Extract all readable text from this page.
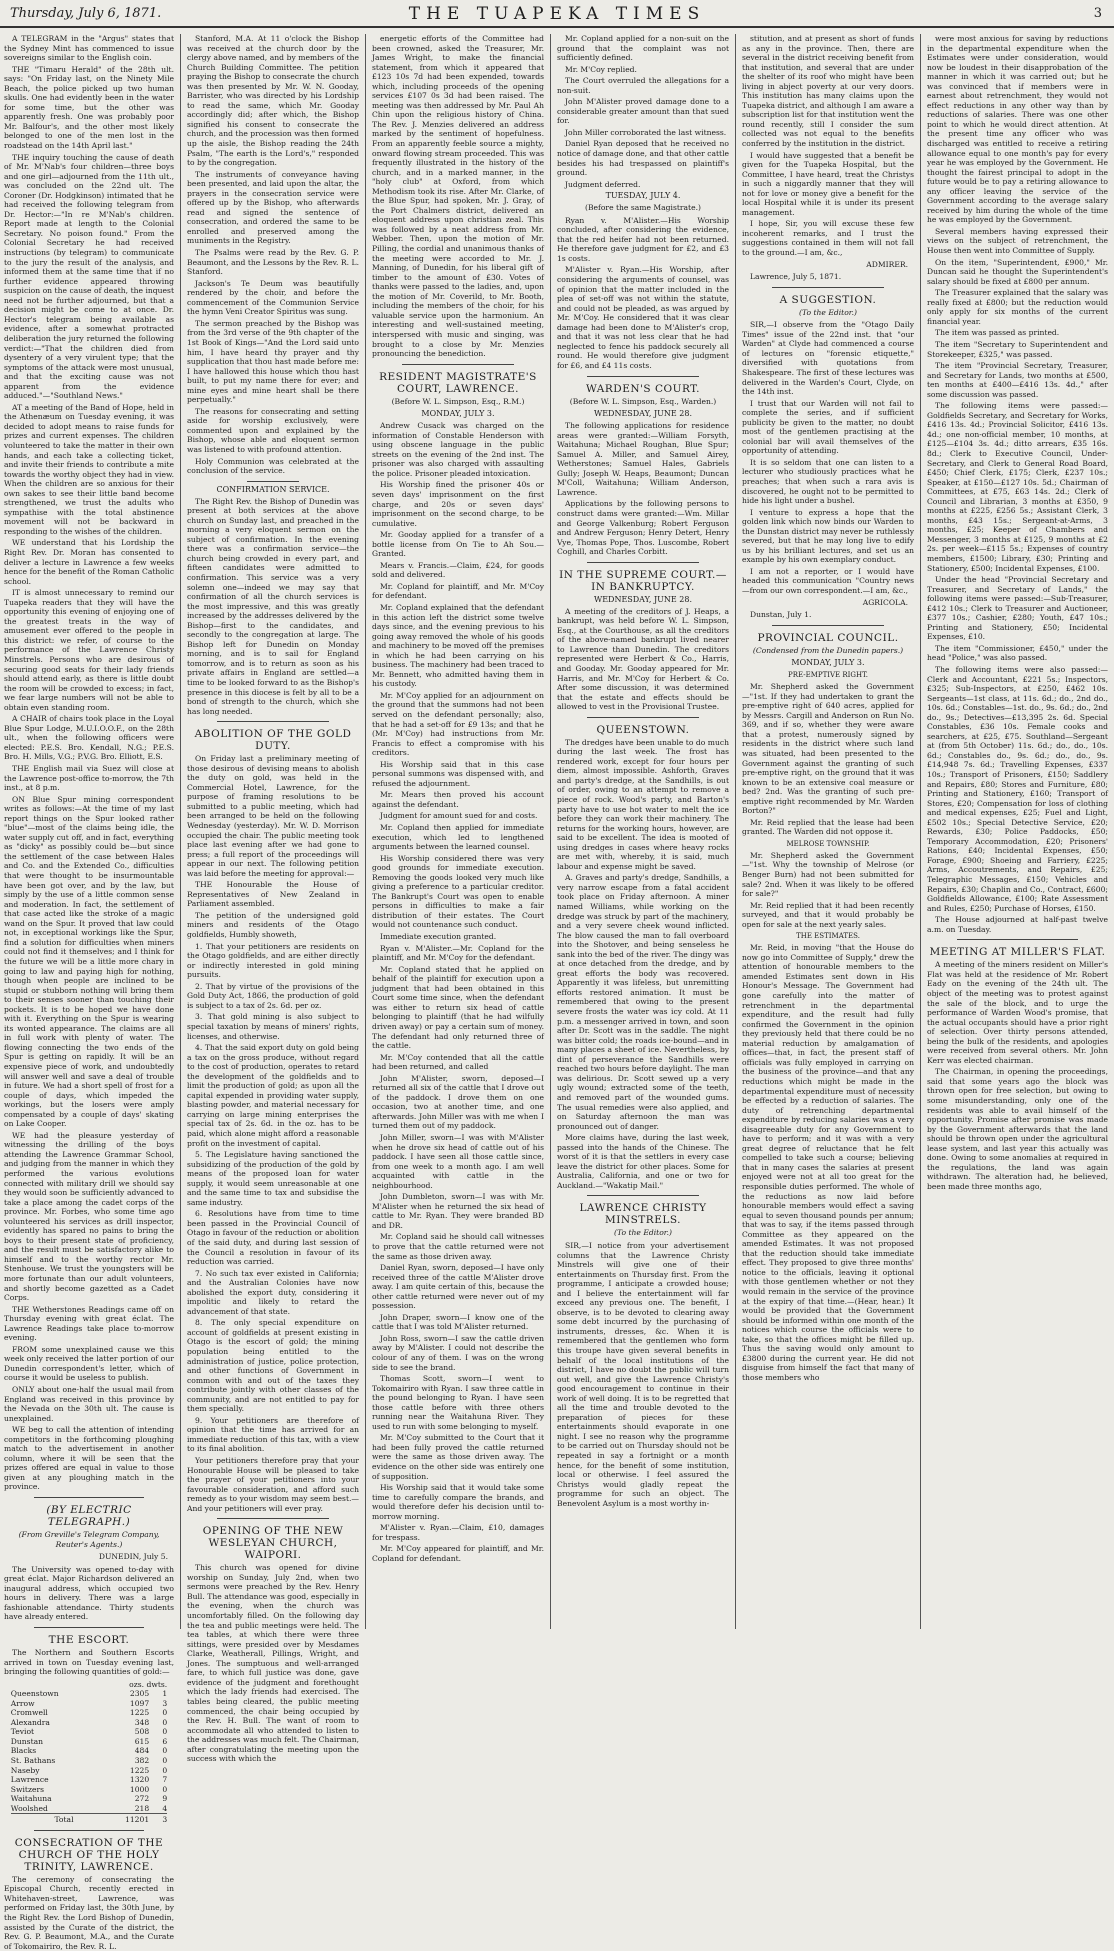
Thursday, July 6, 1871.	THE TUAPEKA TIMES	3

A TELEGRAM in the "Argus" states that the Sydney Mint has commenced to issue sovereigns similar to the English coin.

THE "Timaru Herald" of the 28th ult. says: "On Friday last, on the Ninety Mile Beach, the police picked up two human skulls. One had evidently been in the water for some time, but the other was apparently fresh. One was probably poor Mr. Balfour's, and the other most likely belonged to one of the men lost in the roadstead on the 14th April last."

THE inquiry touching the cause of death of Mr. M'Nab's four children—three boys and one girl—adjourned from the 11th ult., was concluded on the 22nd ult. The Coroner (Dr. Hodgkinson) intimated that he had received the following telegram from Dr. Hector:—"In re M'Nab's children. Report made at length to the Colonial Secretary. No poison found." From the Colonial Secretary he had received instructions (by telegram) to communicate to the jury the result of the analysis, and informed them at the same time that if no further evidence appeared throwing suspicion on the cause of death, the inquest need not be further adjourned, but that a decision might be come to at once. Dr. Hector's telegram being available as evidence, after a somewhat protracted deliberation the jury returned the following verdict:—"That the children died from dysentery of a very virulent type; that the symptoms of the attack were most unusual, and that the exciting cause was not apparent from the evidence adduced."—"Southland News."

AT a meeting of the Band of Hope, held in the Athenæum on Tuesday evening, it was decided to adopt means to raise funds for prizes and current expenses. The children volunteered to take the matter in their own hands, and each take a collecting ticket, and invite their friends to contribute a mite towards the worthy object they had in view. When the children are so anxious for their own sakes to see their little band become strengthened, we trust the adults who sympathise with the total abstinence movement will not be backward in responding to the wishes of the children.

WE understand that his Lordship the Right Rev. Dr. Moran has consented to deliver a lecture in Lawrence a few weeks hence for the benefit of the Roman Catholic school.

IT is almost unnecessary to remind our Tuapeka readers that they will have the opportunity this evening of enjoying one of the greatest treats in the way of amusement ever offered to the people in this district: we refer, of course to the performance of the Lawrence Christy Minstrels. Persons who are desirous of securing good seats for their lady friends should attend early, as there is little doubt the room will be crowded to excess; in fact, we fear large numbers will not be able to obtain even standing room.

A CHAIR of chairs took place in the Loyal Blue Spur Lodge, M.U.I.O.O.F., on the 28th ult., when the following officers were elected: P.E.S. Bro. Kendall, N.G.; P.E.S. Bro. H. Mills, V.G.; P.V.G. Bro. Elliott, E.S.

THE English mail via Suez will close at the Lawrence post-office to-morrow, the 7th inst., at 8 p.m.

ON Blue Spur mining correspondent writes as follows:—At the time of my last report things on the Spur looked rather "blue"—most of the claims being idle, the water supply cut off, and in fact, everything as "dicky" as possibly could be—but since the settlement of the case between Hales and Co. and the Extended Co., difficulties that were thought to be insurmountable have been got over, and by the law, but simply by the use of a little common sense and moderation. In fact, the settlement of that case acted like the stroke of a magic wand on the Spur. It proved that law could not, in exceptional workings like the Spur, find a solution for difficulties when miners could not find it themselves; and I think for the future we will be a little more chary in going to law and paying high for nothing, though when people are inclined to be stupid or stubborn nothing will bring them to their senses sooner than touching their pockets. It is to be hoped we have done with it. Everything on the Spur is wearing its wonted appearance. The claims are all in full work with plenty of water. The flowing connecting the two ends of the Spur is getting on rapidly. It will be an expensive piece of work, and undoubtedly will answer well and save a deal of trouble in future. We had a short spell of frost for a couple of days, which impeded the workings, but the losers were amply compensated by a couple of days' skating on Lake Cooper.

WE had the pleasure yesterday of witnessing the drilling of the boys attending the Lawrence Grammar School, and judging from the manner in which they performed the various evolutions connected with military drill we should say they would soon be sufficiently advanced to take a place among the cadet corps of the province. Mr. Forbes, who some time ago volunteered his services as drill inspector, evidently has spared no pains to bring the boys to their present state of proficiency, and the result must be satisfactory alike to himself and to the worthy rector Mr. Stenhouse. We trust the youngsters will be more fortunate than our adult volunteers, and shortly become gazetted as a Cadet Corps.

THE Wetherstones Readings came off on Thursday evening with great éclat. The Lawrence Readings take place to-morrow evening.

FROM some unexplained cause we this week only received the latter portion of our Dunedin correspondent's letter, which of course it would be useless to publish.

ONLY about one-half the usual mail from England was received in this province by the Nevada on the 30th ult. The cause is unexplained.

WE beg to call the attention of intending competitors in the forthcoming ploughing match to the advertisement in another column, where it will be seen that the prizes offered are equal in value to those given at any ploughing match in the province.

(BY ELECTRIC TELEGRAPH.)
(From Greville's Telegram Company, Reuter's Agents.)
DUNEDIN, July 5.

The University was opened to-day with great éclat. Major Richardson delivered an inaugural address, which occupied two hours in delivery. There was a large fashionable attendance. Thirty students have already entered.

THE ESCORT.

The Northern and Southern Escorts arrived in town on Tuesday evening last, bringing the following quantities of gold:—

	ozs. dwts.	
Queenstown	2305	1
Arrow	1097	3
Cromwell	1225	0
Alexandra	348	0
Teviot	508	0
Dunstan	615	6
Blacks	484	0
St. Bathans	382	0
Naseby	1225	0
Lawrence	1320	7
Switzers	1000	0
Waitahuna	272	9
Woolshed	218	4
Total	11201	3
CONSECRATION OF THE CHURCH OF THE HOLY TRINITY, LAWRENCE.

The ceremony of consecrating the Episcopal Church, recently erected in Whitehaven-street, Lawrence, was performed on Friday last, the 30th June, by the Right Rev. the Lord Bishop of Dunedin, assisted by the Curate of the district, the Rev. G. P. Beaumont, M.A., and the Curate of Tokomairiro, the Rev. R. L.

Stanford, M.A. At 11 o'clock the Bishop was received at the church door by the clergy above named, and by members of the Church Building Committee. The petition praying the Bishop to consecrate the church was then presented by Mr. W. N. Gooday, Barrister, who was directed by his Lordship to read the same, which Mr. Gooday accordingly did; after which, the Bishop signified his consent to consecrate the church, and the procession was then formed up the aisle, the Bishop reading the 24th Psalm, "The earth is the Lord's," responded to by the congregation.

The instruments of conveyance having been presented, and laid upon the altar, the prayers in the consecration service were offered up by the Bishop, who afterwards read and signed the sentence of consecration, and ordered the same to be enrolled and preserved among the muniments in the Registry.

The Psalms were read by the Rev. G. P. Beaumont, and the Lessons by the Rev. R. L. Stanford.

Jackson's Te Deum was beautifully rendered by the choir, and before the commencement of the Communion Service the hymn Veni Creator Spiritus was sung.

The sermon preached by the Bishop was from the 3rd verse of the 9th chapter of the 1st Book of Kings—"And the Lord said unto him, I have heard thy prayer and thy supplication that thou hast made before me: I have hallowed this house which thou hast built, to put my name there for ever; and mine eyes and mine heart shall be there perpetually."

The reasons for consecrating and setting aside for worship exclusively, were commented upon and explained by the Bishop, whose able and eloquent sermon was listened to with profound attention.

Holy Communion was celebrated at the conclusion of the service.

CONFIRMATION SERVICE.

The Right Rev. the Bishop of Dunedin was present at both services at the above church on Sunday last, and preached in the morning a very eloquent sermon on the subject of confirmation. In the evening there was a confirmation service—the church being crowded in every part, and fifteen candidates were admitted to confirmation. This service was a very solemn one—indeed we may say that confirmation of all the church services is the most impressive, and this was greatly increased by the addresses delivered by the Bishop—first to the candidates, and secondly to the congregation at large. The Bishop left for Dunedin on Monday morning, and is to sail for England tomorrow, and is to return as soon as his private affairs in England are settled—a time to be looked forward to as the Bishop's presence in this diocese is felt by all to be a bond of strength to the church, which she has long needed.

ABOLITION OF THE GOLD DUTY.

On Friday last a preliminary meeting of those desirous of devising means to abolish the duty on gold, was held in the Commercial Hotel, Lawrence, for the purpose of framing resolutions to be submitted to a public meeting, which had been arranged to be held on the following Wednesday (yesterday). Mr. W. D. Morrison occupied the chair. The public meeting took place last evening after we had gone to press; a full report of the proceedings will appear in our next. The following petition was laid before the meeting for approval:—

THE Honourable the House of Representatives of New Zealand in Parliament assembled.

The petition of the undersigned gold miners and residents of the Otago goldfields, Humbly showeth,

1. That your petitioners are residents on the Otago goldfields, and are either directly or indirectly interested in gold mining pursuits.

2. That by virtue of the provisions of the Gold Duty Act, 1866, the production of gold is subject to a tax of 2s. 6d. per oz.

3. That gold mining is also subject to special taxation by means of miners' rights, licenses, and otherwise.

4. That the said export duty on gold being a tax on the gross produce, without regard to the cost of production, operates to retard the development of the goldfields and to limit the production of gold; as upon all the capital expended in providing water supply, blasting powder, and material necessary for carrying on large mining enterprises the special tax of 2s. 6d. in the oz. has to be paid, which alone might afford a reasonable profit on the investment of capital.

5. The Legislature having sanctioned the subsidizing of the production of the gold by means of the proposed loan for water supply, it would seem unreasonable at one and the same time to tax and subsidise the same industry.

6. Resolutions have from time to time been passed in the Provincial Council of Otago in favour of the reduction or abolition of the said duty, and during last session of the Council a resolution in favour of its reduction was carried.

7. No such tax ever existed in California; and the Australian Colonies have now abolished the export duty, considering it impolitic and likely to retard the advancement of that state.

8. The only special expenditure on account of goldfields at present existing in Otago is the escort of gold; the mining population being entitled to the administration of justice, police protection, and other functions of Government in common with and out of the taxes they contribute jointly with other classes of the community, and are not entitled to pay for them specially.

9. Your petitioners are therefore of opinion that the time has arrived for an immediate reduction of this tax, with a view to its final abolition.

Your petitioners therefore pray that your Honourable House will be pleased to take the prayer of your petitioners into your favourable consideration, and afford such remedy as to your wisdom may seem best.—And your petitioners will ever pray.

OPENING OF THE NEW WESLEYAN CHURCH, WAIPORI.

This church was opened for divine worship on Sunday, July 2nd, when two sermons were preached by the Rev. Henry Bull. The attendance was good, especially in the evening, when the church was uncomfortably filled. On the following day the tea and public meetings were held. The tea tables, at which there were three sittings, were presided over by Mesdames Clarke, Weatherall, Pillings, Wright, and Jones. The sumptuous and well-arranged fare, to which full justice was done, gave evidence of the judgment and forethought which the lady friends had exercised. The tables being cleared, the public meeting commenced, the chair being occupied by the Rev. H. Bull. The want of room to accommodate all who attended to listen to the addresses was much felt. The Chairman, after congratulating the meeting upon the success with which the

energetic efforts of the Committee had been crowned, asked the Treasurer, Mr. James Wright, to make the financial statement, from which it appeared that £123 10s 7d had been expended, towards which, including proceeds of the opening services £107 0s 3d had been raised. The meeting was then addressed by Mr. Paul Ah Chin upon the religious history of China. The Rev. J. Menzies delivered an address marked by the sentiment of hopefulness. From an apparently feeble source a mighty, onward flowing stream proceeded. This was frequently illustrated in the history of the church, and in a marked manner, in the "holy club" at Oxford, from which Methodism took its rise. After Mr. Clarke, of the Blue Spur, had spoken, Mr. J. Gray, of the Port Chalmers district, delivered an eloquent address upon christian zeal. This was followed by a neat address from Mr. Webber. Then, upon the motion of Mr. Pilling, the cordial and unanimous thanks of the meeting were accorded to Mr. J. Manning, of Dunedin, for his liberal gift of timber to the amount of £30. Votes of thanks were passed to the ladies, and, upon the motion of Mr. Coverild, to Mr. Booth, including the members of the choir, for his valuable service upon the harmonium. An interesting and well-sustained meeting, interspersed with music and singing, was brought to a close by Mr. Menzies pronouncing the benediction.

RESIDENT MAGISTRATE'S COURT, LAWRENCE.
(Before W. L. Simpson, Esq., R.M.)
MONDAY, JULY 3.

Andrew Cusack was charged on the information of Constable Henderson with using obscene language in the public streets on the evening of the 2nd inst. The prisoner was also charged with assaulting the police. Prisoner pleaded intoxication.

His Worship fined the prisoner 40s or seven days' imprisonment on the first charge, and 20s or seven days' imprisonment on the second charge, to be cumulative.

Mr. Gooday applied for a transfer of a bottle license from On Tie to Ah Sou.—Granted.

Mears v. Francis.—Claim, £24, for goods sold and delivered.

Mr. Copland for plaintiff, and Mr. M'Coy for defendant.

Mr. Copland explained that the defendant in this action left the district some twelve days since, and the evening previous to his going away removed the whole of his goods and machinery to be moved off the premises in which he had been carrying on his business. The machinery had been traced to Mr. Bennett, who admitted having them in his custody.

Mr. M'Coy applied for an adjournment on the ground that the summons had not been served on the defendant personally; also, that he had a set-off for £9 13s; and that he (Mr. M'Coy) had instructions from Mr. Francis to effect a compromise with his creditors.

His Worship said that in this case personal summons was dispensed with, and refused the adjournment.

Mr. Mears then proved his account against the defendant.

Judgment for amount sued for and costs.

Mr. Copland then applied for immediate execution, which led to lengthened arguments between the learned counsel.

His Worship considered there was very good grounds for immediate execution. Removing the goods looked very much like giving a preference to a particular creditor. The Bankrupt's Court was open to enable persons in difficulties to make a fair distribution of their estates. The Court would not countenance such conduct.

Immediate execution granted.

Ryan v. M'Alister.—Mr. Copland for the plaintiff, and Mr. M'Coy for the defendant.

Mr. Copland stated that he applied on behalf of the plaintiff for execution upon a judgment that had been obtained in this Court some time since, when the defendant was either to return six head of cattle belonging to plaintiff (that he had wilfully driven away) or pay a certain sum of money. The defendant had only returned three of the cattle.

Mr. M'Coy contended that all the cattle had been returned, and called

John M'Alister, sworn, deposed—I returned all six of the cattle that I drove out of the paddock. I drove them on one occasion, two at another time, and one afterwards. John Miller was with me when I turned them out of my paddock.

John Miller, sworn—I was with M'Alister when he drove six head of cattle out of his paddock. I have seen all those cattle since, from one week to a month ago. I am well acquainted with cattle in the neighbourhood.

John Dumbleton, sworn—I was with Mr. M'Alister when he returned the six head of cattle to Mr. Ryan. They were branded BD and DR.

Mr. Copland said he should call witnesses to prove that the cattle returned were not the same as those driven away.

Daniel Ryan, sworn, deposed—I have only received three of the cattle M'Alister drove away. I am quite certain of this, because the other cattle returned were never out of my possession.

John Draper, sworn—I know one of the cattle that I was told M'Alister returned.

John Ross, sworn—I saw the cattle driven away by M'Alister. I could not describe the colour of any of them. I was on the wrong side to see the brand.

Thomas Scott, sworn—I went to Tokomairiro with Ryan. I saw three cattle in the pound belonging to Ryan. I have seen those cattle before with three others running near the Waitahuna River. They used to run with some belonging to myself.

Mr. M'Coy submitted to the Court that it had been fully proved the cattle returned were the same as those driven away. The evidence on the other side was entirely one of supposition.

His Worship said that it would take some time to carefully compare the brands, and would therefore defer his decision until to-morrow morning.

M'Alister v. Ryan.—Claim, £10, damages for trespass.

Mr. M'Coy appeared for plaintiff, and Mr. Copland for defendant.

Mr. Copland applied for a non-suit on the ground that the complaint was not sufficiently defined.

Mr. M'Coy replied.

The Court overruled the allegations for a non-suit.

John M'Alister proved damage done to a considerable greater amount than that sued for.

John Miller corroborated the last witness.

Daniel Ryan deposed that he received no notice of damage done, and that other cattle besides his had trespassed on plaintiff's ground.

Judgment deferred.

TUESDAY, JULY 4.
(Before the same Magistrate.)

Ryan v. M'Alister.—His Worship concluded, after considering the evidence, that the red heifer had not been returned. He therefore gave judgment for £2, and £3 1s costs.

M'Alister v. Ryan.—His Worship, after considering the arguments of counsel, was of opinion that the matter included in the plea of set-off was not within the statute, and could not be pleaded, as was argued by Mr. M'Coy. He considered that it was clear damage had been done to M'Alister's crop, and that it was not less clear that he had neglected to fence his paddock securely all round. He would therefore give judgment for £6, and £4 11s costs.

WARDEN'S COURT.
(Before W. L. Simpson, Esq., Warden.)
WEDNESDAY, JUNE 28.

The following applications for residence areas were granted:—William Forsyth, Waitahuna; Michael Roughan, Blue Spur; Samuel A. Miller, and Samuel Airey, Wetherstones; Samuel Hales, Gabriels Gully; Joseph W. Heaps, Beaumont; Duncan M'Coll, Waitahuna; William Anderson, Lawrence.

Applications by the following persons to construct dams were granted:—Wm. Millar and George Valkenburg; Robert Ferguson and Andrew Ferguson; Henry Detert, Henry Vye, Thomas Pope, Thos. Luscombe, Robert Coghill, and Charles Corbitt.

IN THE SUPREME COURT.—IN BANKRUPTCY.
WEDNESDAY, JUNE 28.

A meeting of the creditors of J. Heaps, a bankrupt, was held before W. L. Simpson, Esq., at the Courthouse, as all the creditors of the above-named bankrupt lived nearer to Lawrence than Dunedin. The creditors represented were Herbert & Co., Harris, and Gooday. Mr. Gooday appeared for Mr. Harris, and Mr. M'Coy for Herbert & Co. After some discussion, it was determined that the estate and effects should be allowed to vest in the Provisional Trustee.

QUEENSTOWN.

The dredges have been unable to do much during the last week. The frost has rendered work, except for four hours per diem, almost impossible. Ashforth, Graves and party's dredge, at the Sandhills, is out of order, owing to an attempt to remove a piece of rock. Wood's party, and Barton's party have to use hot water to melt the ice before they can work their machinery. The returns for the working hours, however, are said to be excellent. The idea is mooted of using dredges in cases where heavy rocks are met with, whereby, it is said, much labour and expense might be saved.

A. Graves and party's dredge, Sandhills, a very narrow escape from a fatal accident took place on Friday afternoon. A miner named Williams, while working on the dredge was struck by part of the machinery, and a very severe cheek wound inflicted. The blow caused the man to fall overboard into the Shotover, and being senseless he sank into the bed of the river. The dingy was at once detached from the dredge, and by great efforts the body was recovered. Apparently it was lifeless, but unremitting efforts restored animation. It must be remembered that owing to the present severe frosts the water was icy cold. At 11 p.m. a messenger arrived in town, and soon after Dr. Scott was in the saddle. The night was bitter cold; the roads ice-bound—and in many places a sheet of ice. Nevertheless, by dint of perseverance the Sandhills were reached two hours before daylight. The man was delirious. Dr. Scott sewed up a very ugly wound; extracted some of the teeth, and removed part of the wounded gums. The usual remedies were also applied, and on Saturday afternoon the man was pronounced out of danger.

More claims have, during the last week, passed into the hands of the Chinese. The worst of it is that the settlers in every case leave the district for other places. Some for Australia, California, and one or two for Auckland.—"Wakatip Mail."

LAWRENCE CHRISTY MINSTRELS.
(To the Editor.)

SIR,—I notice from your advertisement columns that the Lawrence Christy Minstrels will give one of their entertainments on Thursday first. From the programme, I anticipate a crowded house; and I believe the entertainment will far exceed any previous one. The benefit, I observe, is to be devoted to clearing away some debt incurred by the purchasing of instruments, dresses, &c. When it is remembered that the gentlemen who form this troupe have given several benefits in behalf of the local institutions of the district, I have no doubt the public will turn out well, and give the Lawrence Christy's good encouragement to continue in their work of well doing. It is to be regretted that all the time and trouble devoted to the preparation of pieces for these entertainments should evaporate in one night. I see no reason why the programme to be carried out on Thursday should not be repeated in say a fortnight or a month hence, for the benefit of some institution, local or otherwise. I feel assured the Christys would gladly repeat the programme for such an object. The Benevolent Asylum is a most worthy in-

stitution, and at present as short of funds as any in the province. Then, there are several in the district receiving benefit from that institution, and several that are under the shelter of its roof who might have been living in abject poverty at our very doors. This institution has many claims upon the Tuapeka district, and although I am aware a subscription list for that institution went the round recently, still I consider the sum collected was not equal to the benefits conferred by the institution in the district.

I would have suggested that a benefit be given for the Tuapeka Hospital, but the Committee, I have heard, treat the Christys in such a niggardly manner that they will not for love or money give a benefit for the local Hospital while it is under its present management.

I hope, Sir, you will excuse these few incoherent remarks, and I trust the suggestions contained in them will not fall to the ground.—I am, &c.,

ADMIRER.

Lawrence, July 5, 1871.

A SUGGESTION.
(To the Editor.)

SIR,—I observe from the "Otago Daily Times" issue of the 22nd inst. that "our Warden" at Clyde had commenced a course of lectures on "forensic etiquette," diversified with quotations from Shakespeare. The first of these lectures was delivered in the Warden's Court, Clyde, on the 14th inst.

I trust that our Warden will not fail to complete the series, and if sufficient publicity be given to the matter, no doubt most of the gentlemen practising at the colonial bar will avail themselves of the opportunity of attending.

It is so seldom that one can listen to a lecturer who studiously practices what he preaches; that when such a rara avis is discovered, he ought not to be permitted to hide his light under a bushel.

I venture to express a hope that the golden link which now binds our Warden to the Dunstan district may never be ruthlessly severed, but that he may long live to edify us by his brilliant lectures, and set us an example by his own exemplary conduct.

I am not a reporter, or I would have headed this communication "Country news—from our own correspondent.—I am, &c.,

AGRICOLA.

Dunstan, July 1.

PROVINCIAL COUNCIL.
(Condensed from the Dunedin papers.)
MONDAY, JULY 3.
PRE-EMPTIVE RIGHT.

Mr. Shepherd asked the Government—"1st. If they had undertaken to grant the pre-emptive right of 640 acres, applied for by Messrs. Cargill and Anderson on Run No. 369, and if so, whether they were aware that a protest, numerously signed by residents in the district where such land was situated, had been presented to the Government against the granting of such pre-emptive right, on the ground that it was known to be an extensive coal measure or bed? 2nd. Was the granting of such pre-emptive right recommended by Mr. Warden Borton?"

Mr. Reid replied that the lease had been granted. The Warden did not oppose it.

MELROSE TOWNSHIP.

Mr. Shepherd asked the Government—"1st. Why the township of Melrose (or Benger Burn) had not been submitted for sale? 2nd. When it was likely to be offered for sale?"

Mr. Reid replied that it had been recently surveyed, and that it would probably be open for sale at the next yearly sales.

THE ESTIMATES.

Mr. Reid, in moving "that the House do now go into Committee of Supply," drew the attention of honourable members to the amended Estimates sent down in His Honour's Message. The Government had gone carefully into the matter of retrenchment in the departmental expenditure, and the result had fully confirmed the Government in the opinion they previously held that there could be no material reduction by amalgamation of offices—that, in fact, the present staff of officials was fully employed in carrying on the business of the province—and that any reductions which might be made in the departmental expenditure must of necessity be effected by a reduction of salaries. The duty of retrenching departmental expenditure by reducing salaries was a very disagreeable duty for any Government to have to perform; and it was with a very great degree of reluctance that he felt compelled to take such a course; believing that in many cases the salaries at present enjoyed were not at all too great for the responsible duties performed. The whole of the reductions as now laid before honourable members would effect a saving equal to seven thousand pounds per annum; that was to say, if the items passed through Committee as they appeared on the amended Estimates. It was not proposed that the reduction should take immediate effect. They proposed to give three months' notice to the officials, leaving it optional with those gentlemen whether or not they would remain in the service of the province at the expiry of that time.—(Hear, hear.) It would be provided that the Government should be informed within one month of the notices which course the officials were to take, so that the offices might be filled up. Thus the saving would only amount to £3800 during the current year. He did not disguise from himself the fact that many of those members who

were most anxious for saving by reductions in the departmental expenditure when the Estimates were under consideration, would now be loudest in their disapprobation of the manner in which it was carried out; but he was convinced that if members were in earnest about retrenchment, they would not effect reductions in any other way than by reductions of salaries. There was one other point to which he would direct attention. At the present time any officer who was discharged was entitled to receive a retiring allowance equal to one month's pay for every year he was employed by the Government. He thought the fairest principal to adopt in the future would be to pay a retiring allowance to any officer leaving the service of the Government according to the average salary received by him during the whole of the time he was employed by the Government.

Several members having expressed their views on the subject of retrenchment, the House then went into Committee of Supply.

On the item, "Superintendent, £900," Mr. Duncan said he thought the Superintendent's salary should be fixed at £800 per annum.

The Treasurer explained that the salary was really fixed at £800; but the reduction would only apply for six months of the current financial year.

The item was passed as printed.

The item "Secretary to Superintendent and Storekeeper, £325," was passed.

The item "Provincial Secretary, Treasurer, and Secretary for Lands, two months at £500, ten months at £400—£416 13s. 4d.," after some discussion was passed.

The following items were passed:—Goldfields Secretary, and Secretary for Works, £416 13s. 4d.; Provincial Solicitor, £416 13s. 4d.; one non-official member, 10 months, at £125—£104 3s. 4d.; ditto arrears, £35 16s. 8d.; Clerk to Executive Council, Under-Secretary, and Clerk to General Road Board, £450; Chief Clerk, £175; Clerk, £237 10s.; Speaker, at £150—£127 10s. 5d.; Chairman of Committees, at £75, £63 14s. 2d.; Clerk of Council and Librarian, 3 months at £350, 9 months at £225, £256 5s.; Assistant Clerk, 3 months, £43 15s.; Sergeant-at-Arms, 3 months, £25; Keeper of Chambers and Messenger, 3 months at £125, 9 months at £2 2s. per week—£115 5s.; Expenses of country members, £1500; Library, £30; Printing and Stationery, £500; Incidental Expenses, £100.

Under the head "Provincial Secretary and Treasurer, and Secretary of Lands," the following items were passed:—Sub-Treasurer, £412 10s.; Clerk to Treasurer and Auctioneer, £377 10s.; Cashier, £280; Youth, £47 10s.; Printing and Stationery, £50; Incidental Expenses, £10.

The item "Commissioner, £450," under the head "Police," was also passed.

The following items were also passed:—Clerk and Accountant, £221 5s.; Inspectors, £325; Sub-Inspectors, at £250, £462 10s. Sergeants—1st class, at 11s. 6d.; do., 2nd do., 10s. 6d.; Constables—1st. do., 9s. 6d.; do., 2nd do., 9s.; Detectives—£13,395 2s. 6d. Special Constables, £36 10s. Female cooks and searchers, at £25, £75. Southland—Sergeant at (from 5th October) 11s. 6d.; do., do., 10s. 6d.; Constables do., 9s. 6d.; do., do., 9s. £14,948 7s. 6d.; Travelling Expenses, £337 10s.; Transport of Prisoners, £150; Saddlery and Repairs, £80; Stores and Furniture, £80; Printing and Stationery, £160; Transport of Stores, £20; Compensation for loss of clothing and medical expenses, £25; Fuel and Light, £502 10s.; Special Detective Service, £20; Rewards, £30; Police Paddocks, £50; Temporary Accommodation, £20; Prisoners' Rations, £40; Incidental Expenses, £50; Forage, £900; Shoeing and Farriery, £225; Arms, Accoutrements, and Repairs, £25; Telegraphic Messages, £150; Vehicles and Repairs, £30; Chaplin and Co., Contract, £600; Goldfields Allowance, £100; Rate Assessment and Rules, £250; Purchase of Horses, £150.

The House adjourned at half-past twelve a.m. on Tuesday.

MEETING AT MILLER'S FLAT.

A meeting of the miners resident on Miller's Flat was held at the residence of Mr. Robert Eady on the evening of the 24th ult. The object of the meeting was to protest against the sale of the block, and to urge the performance of Warden Wood's promise, that the actual occupants should have a prior right of selection. Over thirty persons attended, being the bulk of the residents, and apologies were received from several others. Mr. John Kerr was elected chairman.

The Chairman, in opening the proceedings, said that some years ago the block was thrown open for free selection, but owing to some misunderstanding, only one of the residents was able to avail himself of the opportunity. Promise after promise was made by the Government afterwards that the land should be thrown open under the agricultural lease system, and last year this actually was done. Owing to some anomalies at required in the regulations, the land was again withdrawn. The alteration had, he believed, been made three months ago,
